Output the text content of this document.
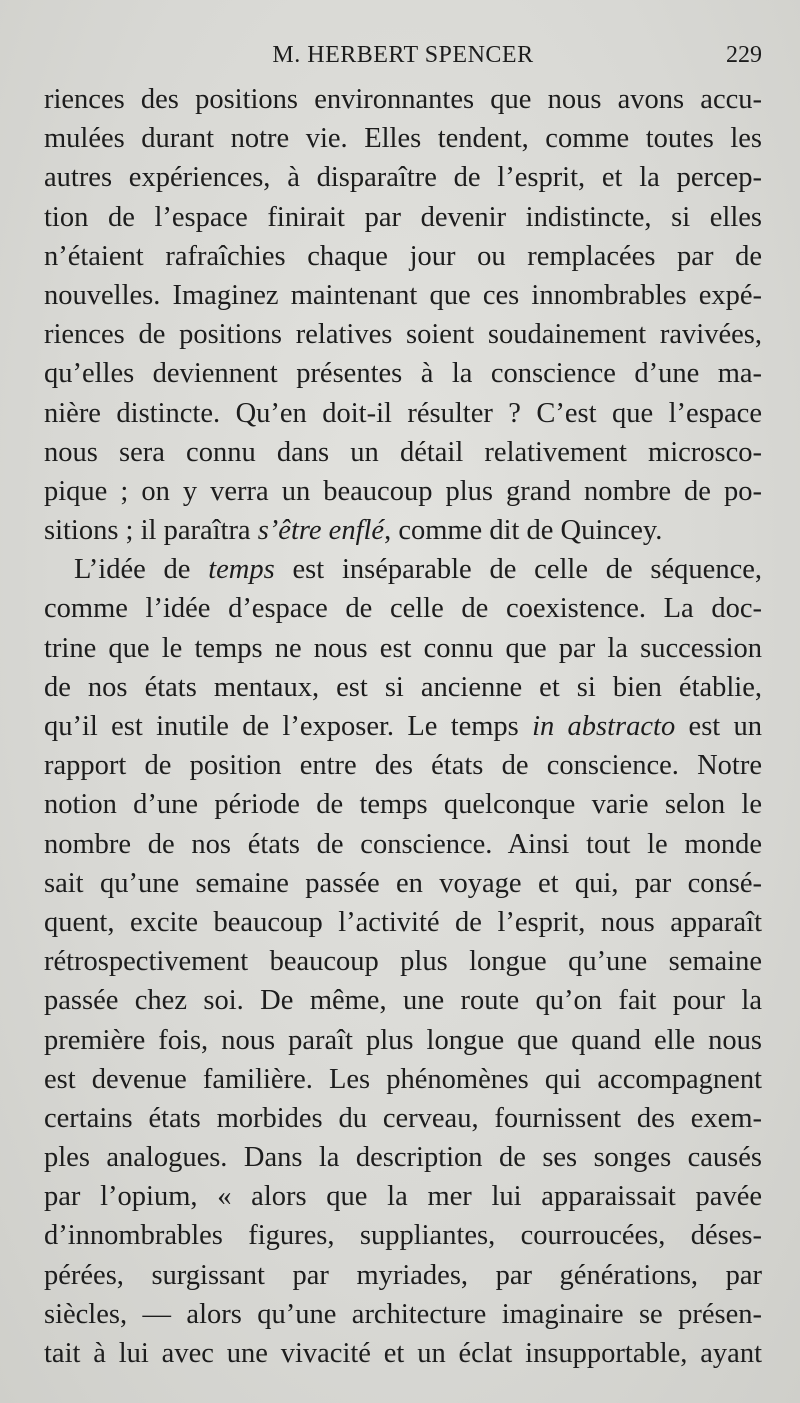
M. HERBERT SPENCER	229
riences des positions environnantes que nous avons accu-
mulées durant notre vie. Elles tendent, comme toutes les
autres expériences, à disparaître de l’esprit, et la percep-
tion de l’espace finirait par devenir indistincte, si elles
n’étaient rafraîchies chaque jour ou remplacées par de
nouvelles. Imaginez maintenant que ces innombrables expé-
riences de positions relatives soient soudainement ravivées,
qu’elles deviennent présentes à la conscience d’une ma-
nière distincte. Qu’en doit-il résulter ? C’est que l’espace
nous sera connu dans un détail relativement microsco-
pique ; on y verra un beaucoup plus grand nombre de po-
sitions ; il paraîtra s’être enflé, comme dit de Quincey.
L’idée de temps est inséparable de celle de séquence,
comme l’idée d’espace de celle de coexistence. La doc-
trine que le temps ne nous est connu que par la succession
de nos états mentaux, est si ancienne et si bien établie,
qu’il est inutile de l’exposer. Le temps in abstracto est un
rapport de position entre des états de conscience. Notre
notion d’une période de temps quelconque varie selon le
nombre de nos états de conscience. Ainsi tout le monde
sait qu’une semaine passée en voyage et qui, par consé-
quent, excite beaucoup l’activité de l’esprit, nous apparaît
rétrospectivement beaucoup plus longue qu’une semaine
passée chez soi. De même, une route qu’on fait pour la
première fois, nous paraît plus longue que quand elle nous
est devenue familière. Les phénomènes qui accompagnent
certains états morbides du cerveau, fournissent des exem-
ples analogues. Dans la description de ses songes causés
par l’opium, « alors que la mer lui apparaissait pavée
d’innombrables figures, suppliantes, courroucées, déses-
pérées, surgissant par myriades, par générations, par
siècles, — alors qu’une architecture imaginaire se présen-
tait à lui avec une vivacité et un éclat insupportable, ayant
